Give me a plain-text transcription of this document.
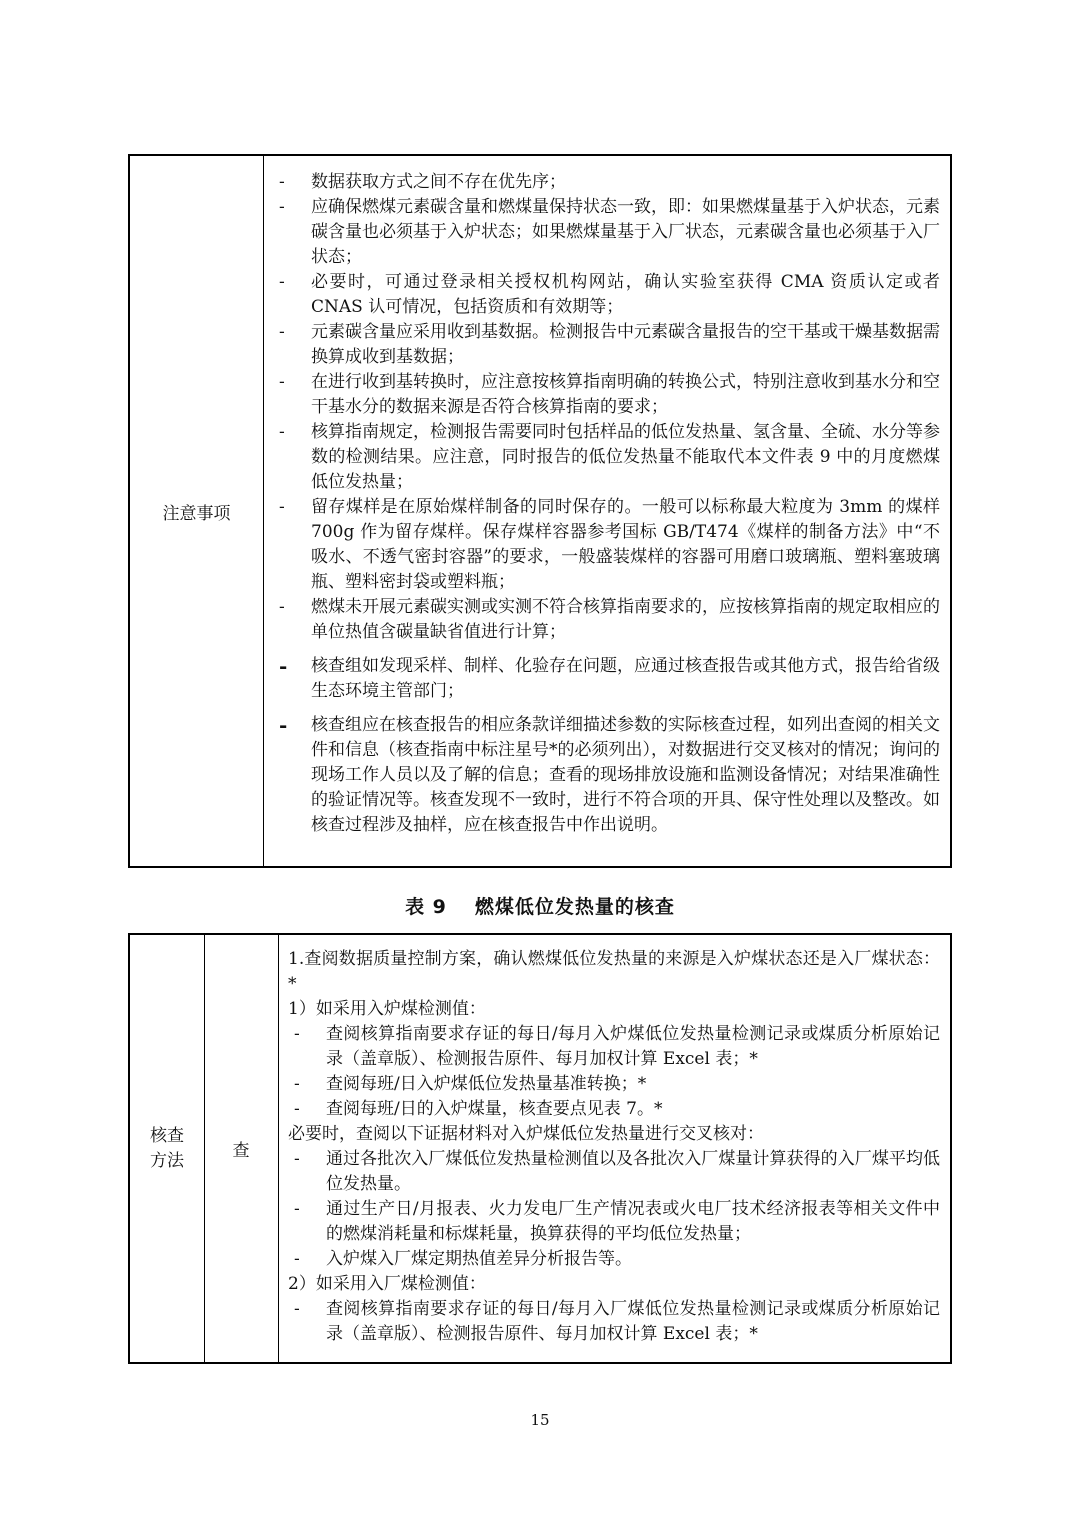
注意事项
-	数据获取方式之间不存在优先序；
-	应确保燃煤元素碳含量和燃煤量保持状态一致，即：如果燃煤量基于入炉状态，元素碳含量也必须基于入炉状态；如果燃煤量基于入厂状态，元素碳含量也必须基于入厂状态；
-	必要时，可通过登录相关授权机构网站，确认实验室获得 CMA 资质认定或者 CNAS 认可情况，包括资质和有效期等；
-	元素碳含量应采用收到基数据。检测报告中元素碳含量报告的空干基或干燥基数据需换算成收到基数据；
-	在进行收到基转换时，应注意按核算指南明确的转换公式，特别注意收到基水分和空干基水分的数据来源是否符合核算指南的要求；
-	核算指南规定，检测报告需要同时包括样品的低位发热量、氢含量、全硫、水分等参数的检测结果。应注意，同时报告的低位发热量不能取代本文件表 9 中的月度燃煤低位发热量；
-	留存煤样是在原始煤样制备的同时保存的。一般可以标称最大粒度为 3mm 的煤样 700g 作为留存煤样。保存煤样容器参考国标 GB/T474《煤样的制备方法》中“不吸水、不透气密封容器”的要求，一般盛装煤样的容器可用磨口玻璃瓶、塑料塞玻璃瓶、塑料密封袋或塑料瓶；
-	燃煤未开展元素碳实测或实测不符合核算指南要求的，应按核算指南的规定取相应的单位热值含碳量缺省值进行计算；
-	核查组如发现采样、制样、化验存在问题，应通过核查报告或其他方式，报告给省级生态环境主管部门；
-	核查组应在核查报告的相应条款详细描述参数的实际核查过程，如列出查阅的相关文件和信息（核查指南中标注星号*的必须列出），对数据进行交叉核对的情况；询问的现场工作人员以及了解的信息；查看的现场排放设施和监测设备情况；对结果准确性的验证情况等。核查发现不一致时，进行不符合项的开具、保守性处理以及整改。如核查过程涉及抽样，应在核查报告中作出说明。
表 9 燃煤低位发热量的核查
核查
方法	查

1.查阅数据质量控制方案，确认燃煤低位发热量的来源是入炉煤状态还是入厂煤状态：*

1）如采用入炉煤检测值：

-	查阅核算指南要求存证的每日/每月入炉煤低位发热量检测记录或煤质分析原始记录（盖章版）、检测报告原件、每月加权计算 Excel 表；*
-	查阅每班/日入炉煤低位发热量基准转换；*
-	查阅每班/日的入炉煤量，核查要点见表 7。*

必要时，查阅以下证据材料对入炉煤低位发热量进行交叉核对：

-	通过各批次入厂煤低位发热量检测值以及各批次入厂煤量计算获得的入厂煤平均低位发热量。
-	通过生产日/月报表、火力发电厂生产情况表或火电厂技术经济报表等相关文件中的燃煤消耗量和标煤耗量，换算获得的平均低位发热量；
-	入炉煤入厂煤定期热值差异分析报告等。

2）如采用入厂煤检测值：

-	查阅核算指南要求存证的每日/每月入厂煤低位发热量检测记录或煤质分析原始记录（盖章版）、检测报告原件、每月加权计算 Excel 表；*
15
